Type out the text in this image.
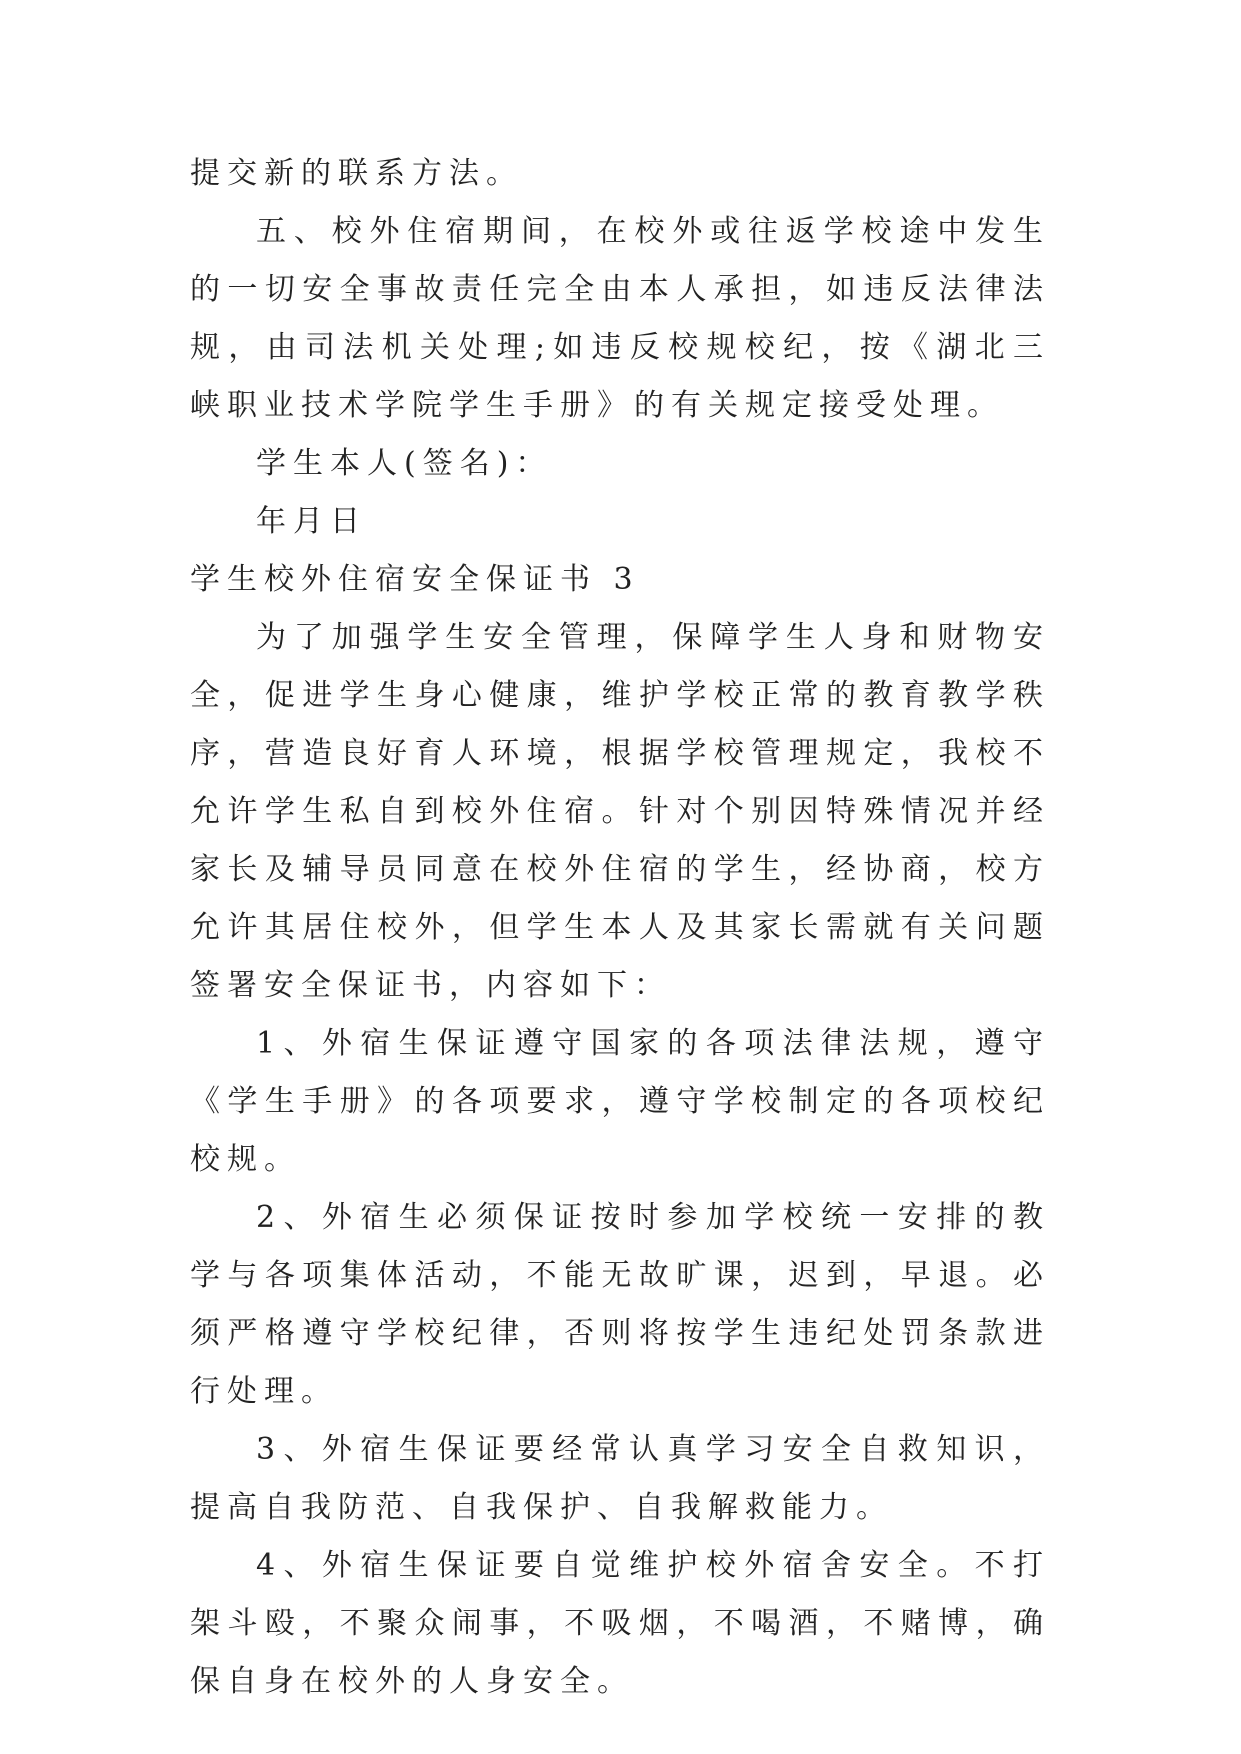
提交新的联系方法。

五、校外住宿期间，在校外或往返学校途中发生的一切安全事故责任完全由本人承担，如违反法律法规，由司法机关处理;如违反校规校纪，按《湖北三峡职业技术学院学生手册》的有关规定接受处理。

学生本人(签名)：

年月日

学生校外住宿安全保证书 3

为了加强学生安全管理，保障学生人身和财物安全，促进学生身心健康，维护学校正常的教育教学秩序，营造良好育人环境，根据学校管理规定，我校不允许学生私自到校外住宿。针对个别因特殊情况并经家长及辅导员同意在校外住宿的学生，经协商，校方允许其居住校外，但学生本人及其家长需就有关问题签署安全保证书，内容如下：

1、外宿生保证遵守国家的各项法律法规，遵守《学生手册》的各项要求，遵守学校制定的各项校纪校规。

2、外宿生必须保证按时参加学校统一安排的教学与各项集体活动，不能无故旷课，迟到，早退。必须严格遵守学校纪律，否则将按学生违纪处罚条款进行处理。

3、外宿生保证要经常认真学习安全自救知识，提高自我防范、自我保护、自我解救能力。

4、外宿生保证要自觉维护校外宿舍安全。不打架斗殴，不聚众闹事，不吸烟，不喝酒，不赌博，确保自身在校外的人身安全。
